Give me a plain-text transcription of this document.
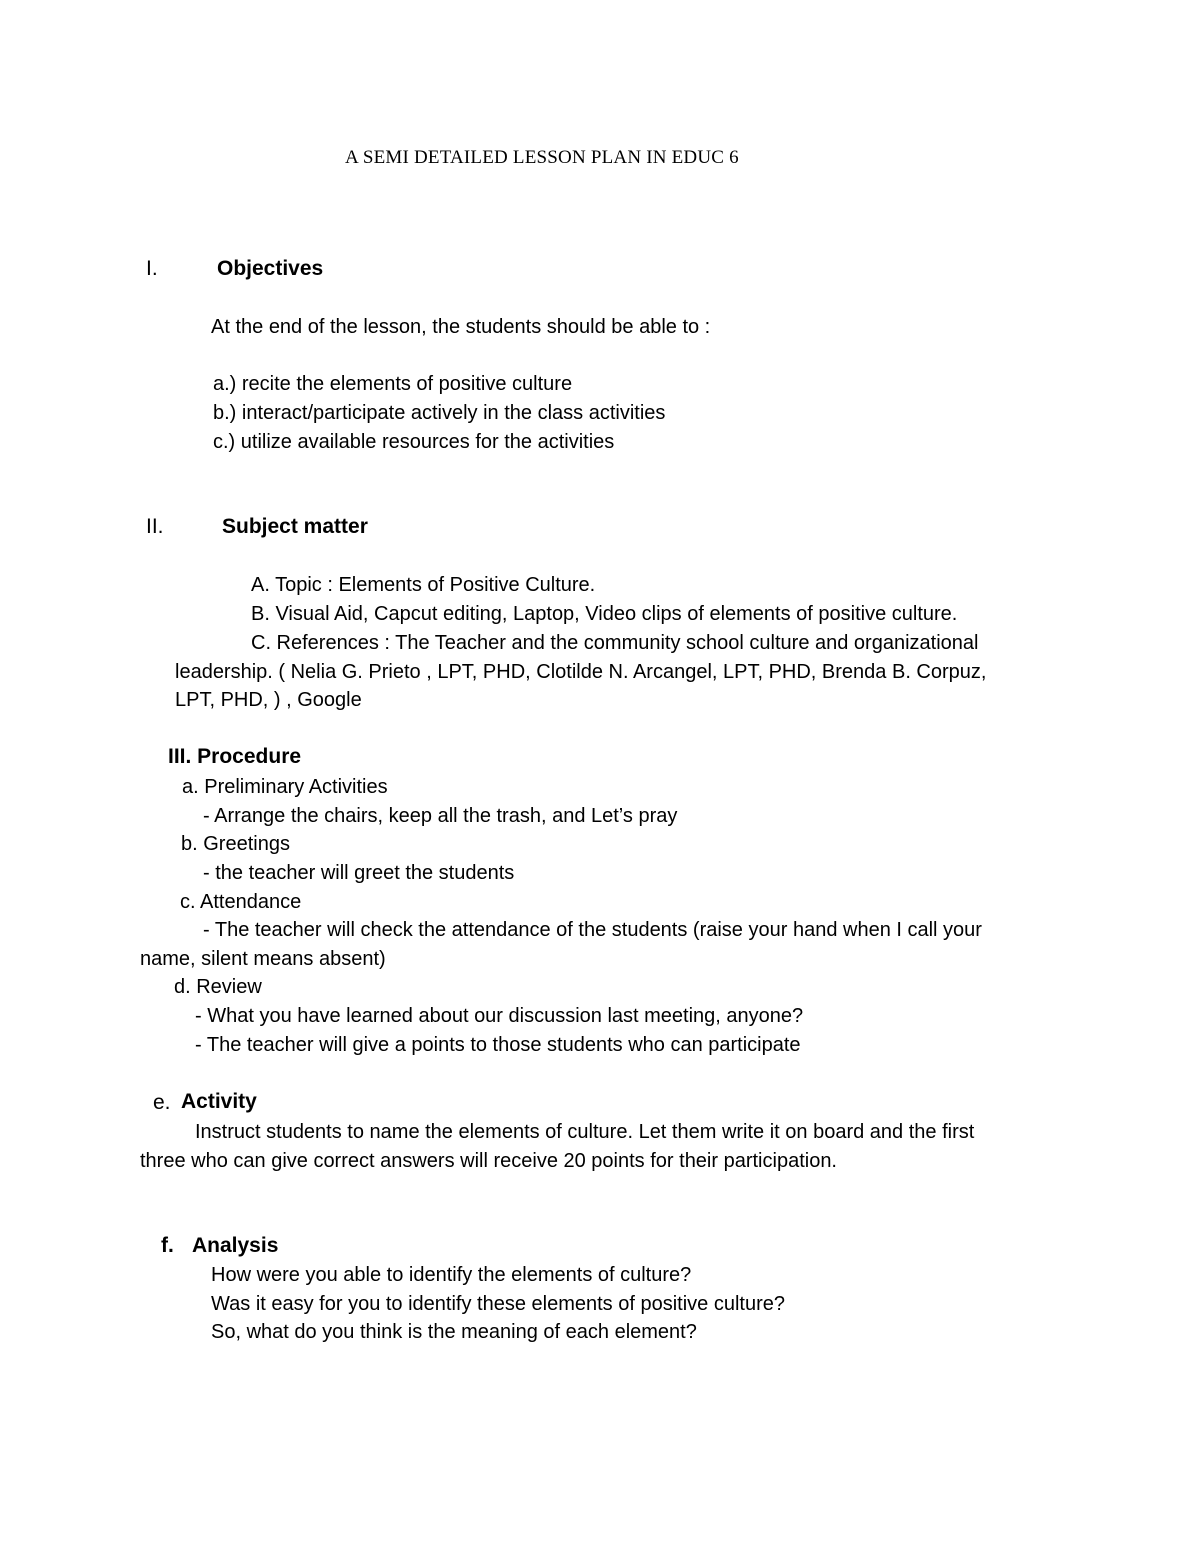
A SEMI DETAILED LESSON PLAN IN EDUC 6
I.	Objectives
At the end of the lesson, the students should be able to :
a.) recite the elements of positive culture
b.) interact/participate actively in the class activities
c.) utilize available resources for the activities
II.	Subject matter
A. Topic : Elements of Positive Culture.
B. Visual Aid, Capcut editing, Laptop, Video clips of elements of positive culture.
C. References : The Teacher and the community school culture and organizational
leadership. ( Nelia G. Prieto , LPT, PHD, Clotilde N. Arcangel, LPT, PHD, Brenda B. Corpuz,
LPT, PHD, ) , Google
III. Procedure
a. Preliminary Activities
- Arrange the chairs, keep all the trash, and Let’s pray
b. Greetings
- the teacher will greet the students
c. Attendance
- The teacher will check the attendance of the students (raise your hand when I call your
name, silent means absent)
d. Review
- What you have learned about our discussion last meeting, anyone?
- The teacher will give a points to those students who can participate
e. Activity
Instruct students to name the elements of culture. Let them write it on board and the first
three who can give correct answers will receive 20 points for their participation.
f. Analysis
How were you able to identify the elements of culture?
Was it easy for you to identify these elements of positive culture?
So, what do you think is the meaning of each element?
